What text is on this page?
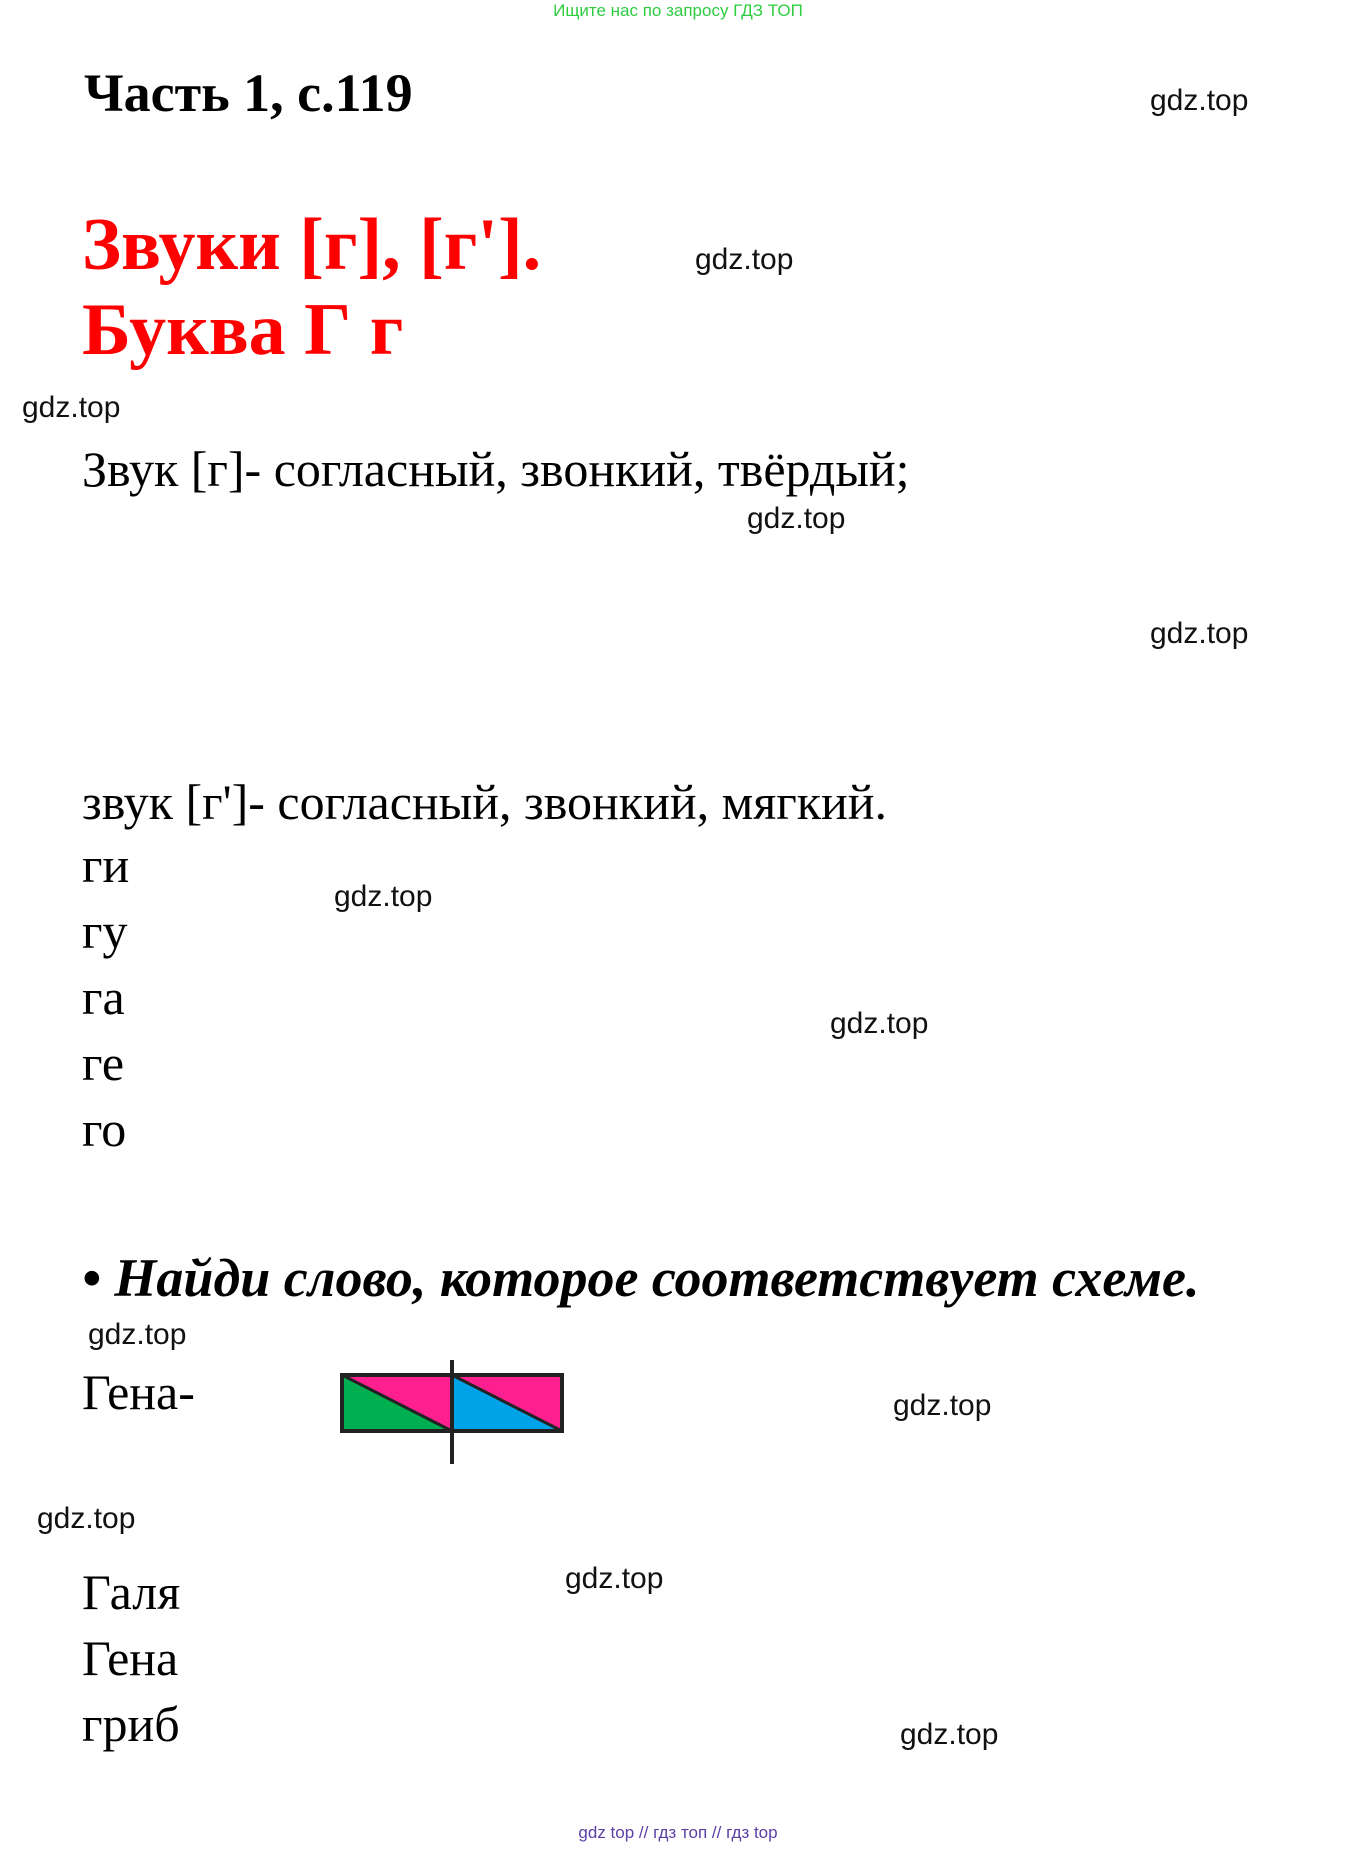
Ищите нас по запросу ГДЗ ТОП
Часть 1, с.119
Звуки [г], [г'].
Буква Г г
Звук [г]- согласный, звонкий, твёрдый;
звук [г']- согласный, звонкий, мягкий.
ги
гу
га
ге
го
• Найди слово, которое соответствует схеме.
Гена-
Галя
Гена
гриб
gdz.top
gdz.top
gdz.top
gdz.top
gdz.top
gdz.top
gdz.top
gdz.top
gdz.top
gdz.top
gdz.top
gdz.top
gdz top // гдз топ // гдз top
